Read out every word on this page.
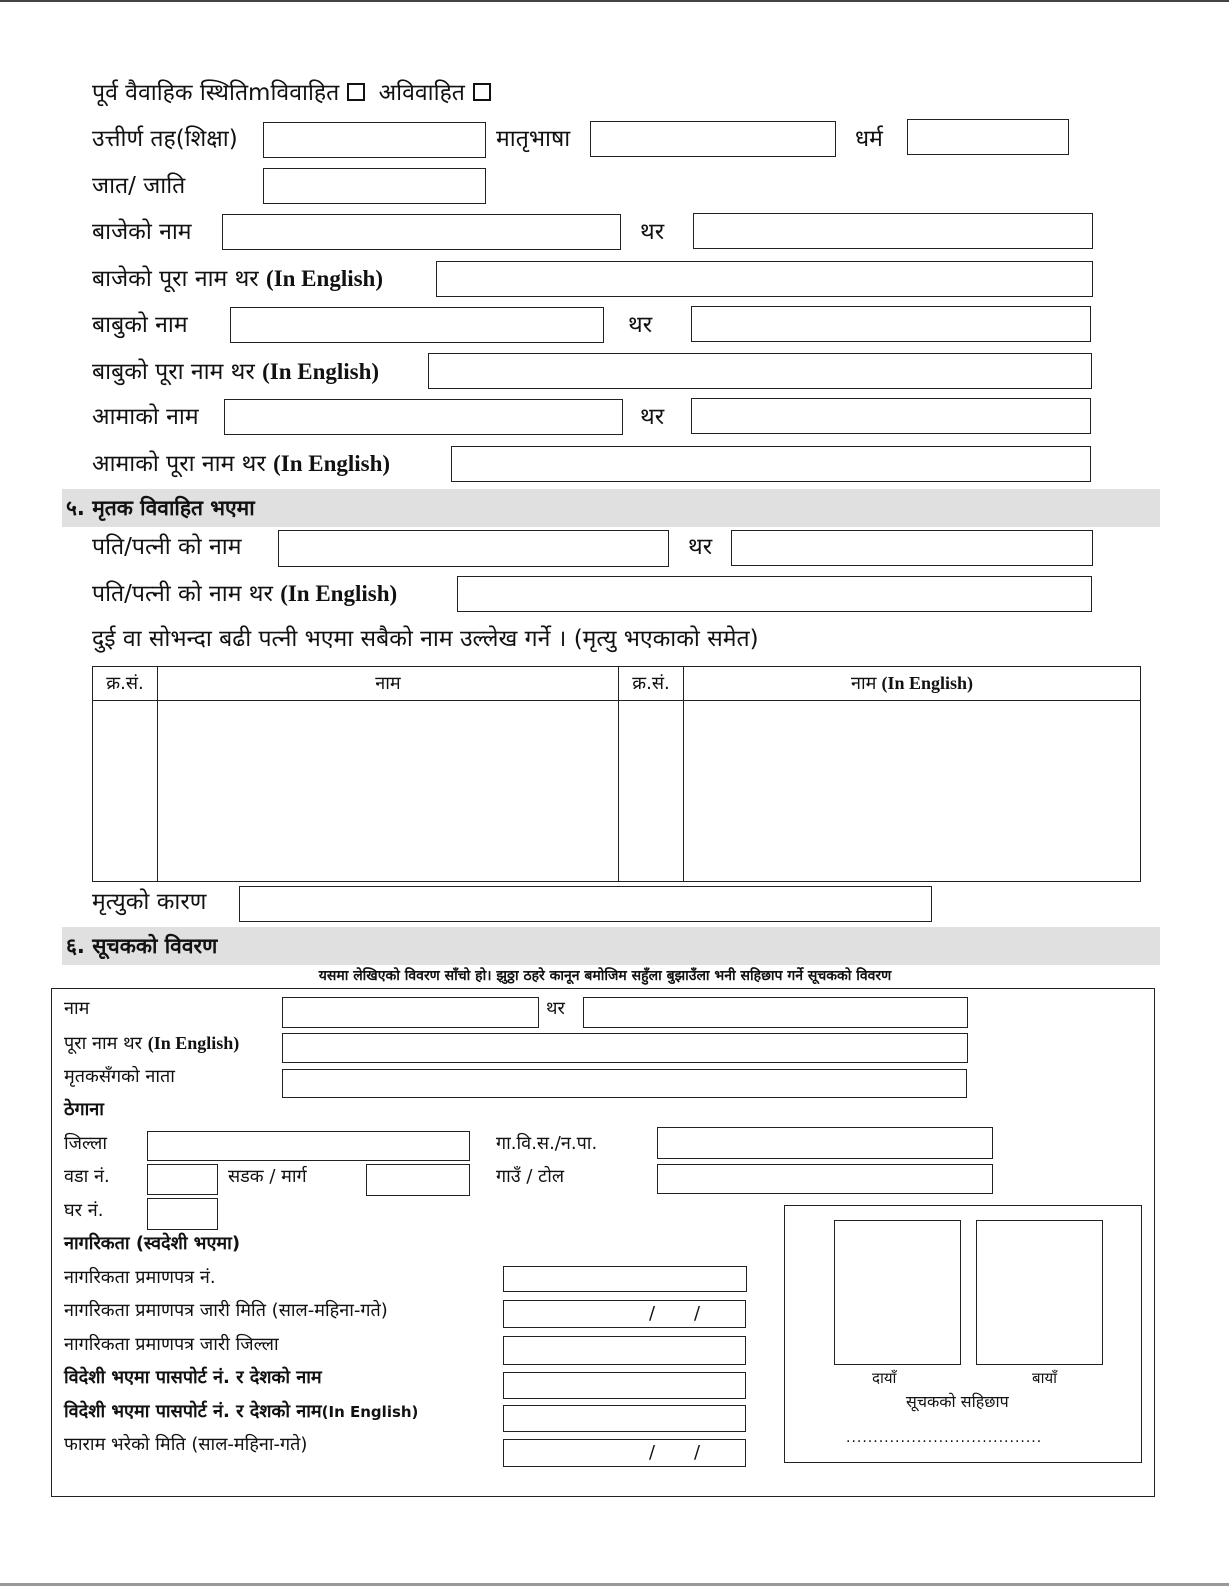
पूर्व वैवाहिक स्थितिmविवाहित अविवाहित
उत्तीर्ण तह(शिक्षा)	मातृभाषा	धर्म
जात/ जाति
बाजेको नाम	थर
बाजेको पूरा नाम थर (In English)
बाबुको नाम	थर
बाबुको पूरा नाम थर (In English)
आमाको नाम	थर
आमाको पूरा नाम थर (In English)
५. मृतक विवाहित भएमा
पति/पत्नी को नाम	थर
पति/पत्नी को नाम थर (In English)
दुई वा सोभन्दा बढी पत्नी भएमा सबैको नाम उल्लेख गर्ने । (मृत्यु भएकाको समेत)
क्र.सं.	नाम	क्र.सं.	नाम (In English)

मृत्युको कारण
६. सूचकको विवरण
यसमा लेखिएको विवरण साँचो हो। झुठ्ठा ठहरे कानून बमोजिम सहुँला बुझाउँला भनी सहिछाप गर्ने सूचकको विवरण
नाम	थर
पूरा नाम थर (In English)
मृतकसँगको नाता
ठेगाना
जिल्ला	गा.वि.स./न.पा.
वडा नं.	सडक / मार्ग	गाउँ / टोल
घर नं.
नागरिकता (स्वदेशी भएमा)
नागरिकता प्रमाणपत्र नं.
नागरिकता प्रमाणपत्र जारी मिति (साल-महिना-गते)	/ /
नागरिकता प्रमाणपत्र जारी जिल्ला
विदेशी भएमा पासपोर्ट नं. र देशको नाम
विदेशी भएमा पासपोर्ट नं. र देशको नाम(In English)
फाराम भरेको मिति (साल-महिना-गते)	/ /
दायाँ	बायाँ
सूचकको सहिछाप
....................................
